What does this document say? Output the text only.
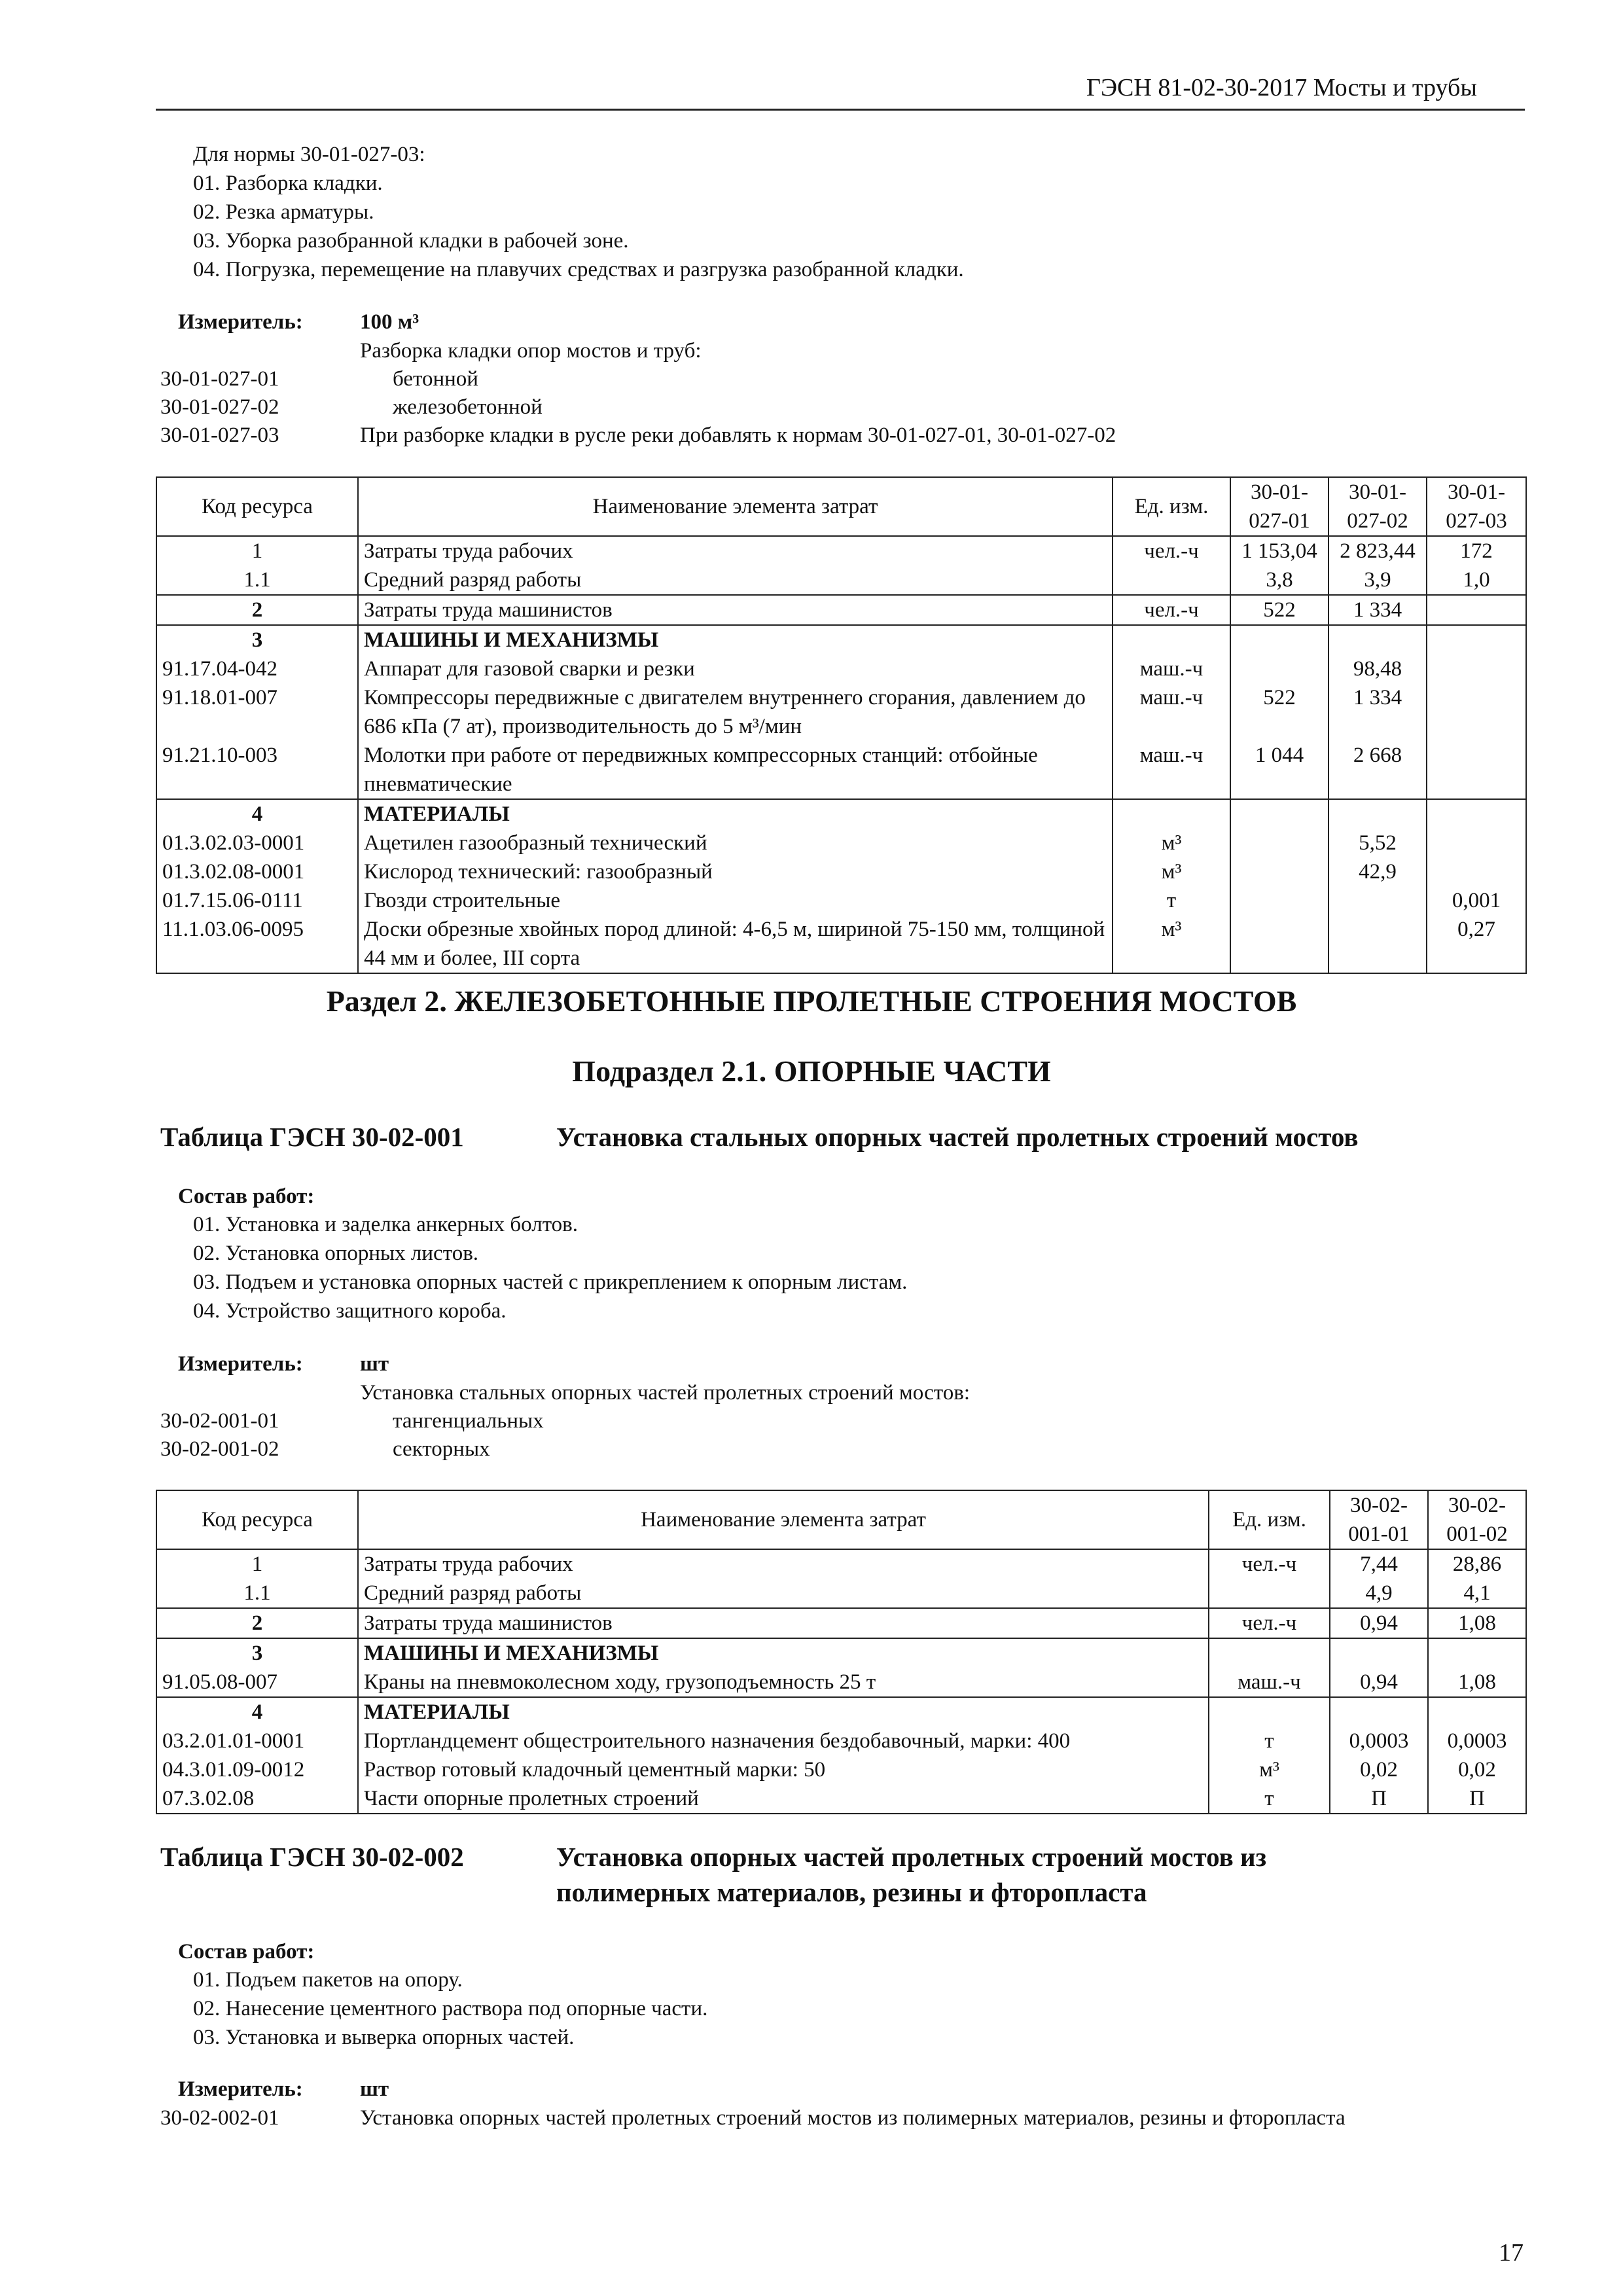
ГЭСН 81-02-30-2017 Мосты и трубы
Для нормы 30-01-027-03:
01. Разборка кладки.
02. Резка арматуры.
03. Уборка разобранной кладки в рабочей зоне.
04. Погрузка, перемещение на плавучих средствах и разгрузка разобранной кладки.
Измеритель:	100 м³
Разборка кладки опор мостов и труб:
30-01-027-01	бетонной
30-01-027-02	железобетонной
30-01-027-03	При разборке кладки в русле реки добавлять к нормам 30-01-027-01, 30-01-027-02
Код ресурса	Наименование элемента затрат	Ед. изм.	30-01-027-01	30-01-027-02	30-01-027-03
1	Затраты труда рабочих	чел.-ч	1 153,04	2 823,44	172
1.1	Средний разряд работы		3,8	3,9	1,0
2	Затраты труда машинистов	чел.-ч	522	1 334	
3	МАШИНЫ И МЕХАНИЗМЫ				
91.17.04-042	Аппарат для газовой сварки и резки	маш.-ч		98,48	
91.18.01-007	Компрессоры передвижные с двигателем внутреннего сгорания, давлением до 686 кПа (7 ат), производительность до 5 м³/мин	маш.-ч	522	1 334	
91.21.10-003	Молотки при работе от передвижных компрессорных станций: отбойные пневматические	маш.-ч	1 044	2 668	
4	МАТЕРИАЛЫ				
01.3.02.03-0001	Ацетилен газообразный технический	м³		5,52	
01.3.02.08-0001	Кислород технический: газообразный	м³		42,9	
01.7.15.06-0111	Гвозди строительные	т			0,001
11.1.03.06-0095	Доски обрезные хвойных пород длиной: 4-6,5 м, шириной 75-150 мм, толщиной 44 мм и более, III сорта	м³			0,27
Раздел 2. ЖЕЛЕЗОБЕТОННЫЕ ПРОЛЕТНЫЕ СТРОЕНИЯ МОСТОВ
Подраздел 2.1. ОПОРНЫЕ ЧАСТИ
Таблица ГЭСН 30-02-001	Установка стальных опорных частей пролетных строений мостов
Состав работ:
01. Установка и заделка анкерных болтов.
02. Установка опорных листов.
03. Подъем и установка опорных частей с прикреплением к опорным листам.
04. Устройство защитного короба.
Измеритель:	шт
Установка стальных опорных частей пролетных строений мостов:
30-02-001-01	тангенциальных
30-02-001-02	секторных
Код ресурса	Наименование элемента затрат	Ед. изм.	30-02-001-01	30-02-001-02
1	Затраты труда рабочих	чел.-ч	7,44	28,86
1.1	Средний разряд работы		4,9	4,1
2	Затраты труда машинистов	чел.-ч	0,94	1,08
3	МАШИНЫ И МЕХАНИЗМЫ			
91.05.08-007	Краны на пневмоколесном ходу, грузоподъемность 25 т	маш.-ч	0,94	1,08
4	МАТЕРИАЛЫ			
03.2.01.01-0001	Портландцемент общестроительного назначения бездобавочный, марки: 400	т	0,0003	0,0003
04.3.01.09-0012	Раствор готовый кладочный цементный марки: 50	м³	0,02	0,02
07.3.02.08	Части опорные пролетных строений	т	П	П
Таблица ГЭСН 30-02-002	Установка опорных частей пролетных строений мостов из
полимерных материалов, резины и фторопласта
Состав работ:
01. Подъем пакетов на опору.
02. Нанесение цементного раствора под опорные части.
03. Установка и выверка опорных частей.
Измеритель:	шт
30-02-002-01	Установка опорных частей пролетных строений мостов из полимерных материалов, резины и фторопласта
17
